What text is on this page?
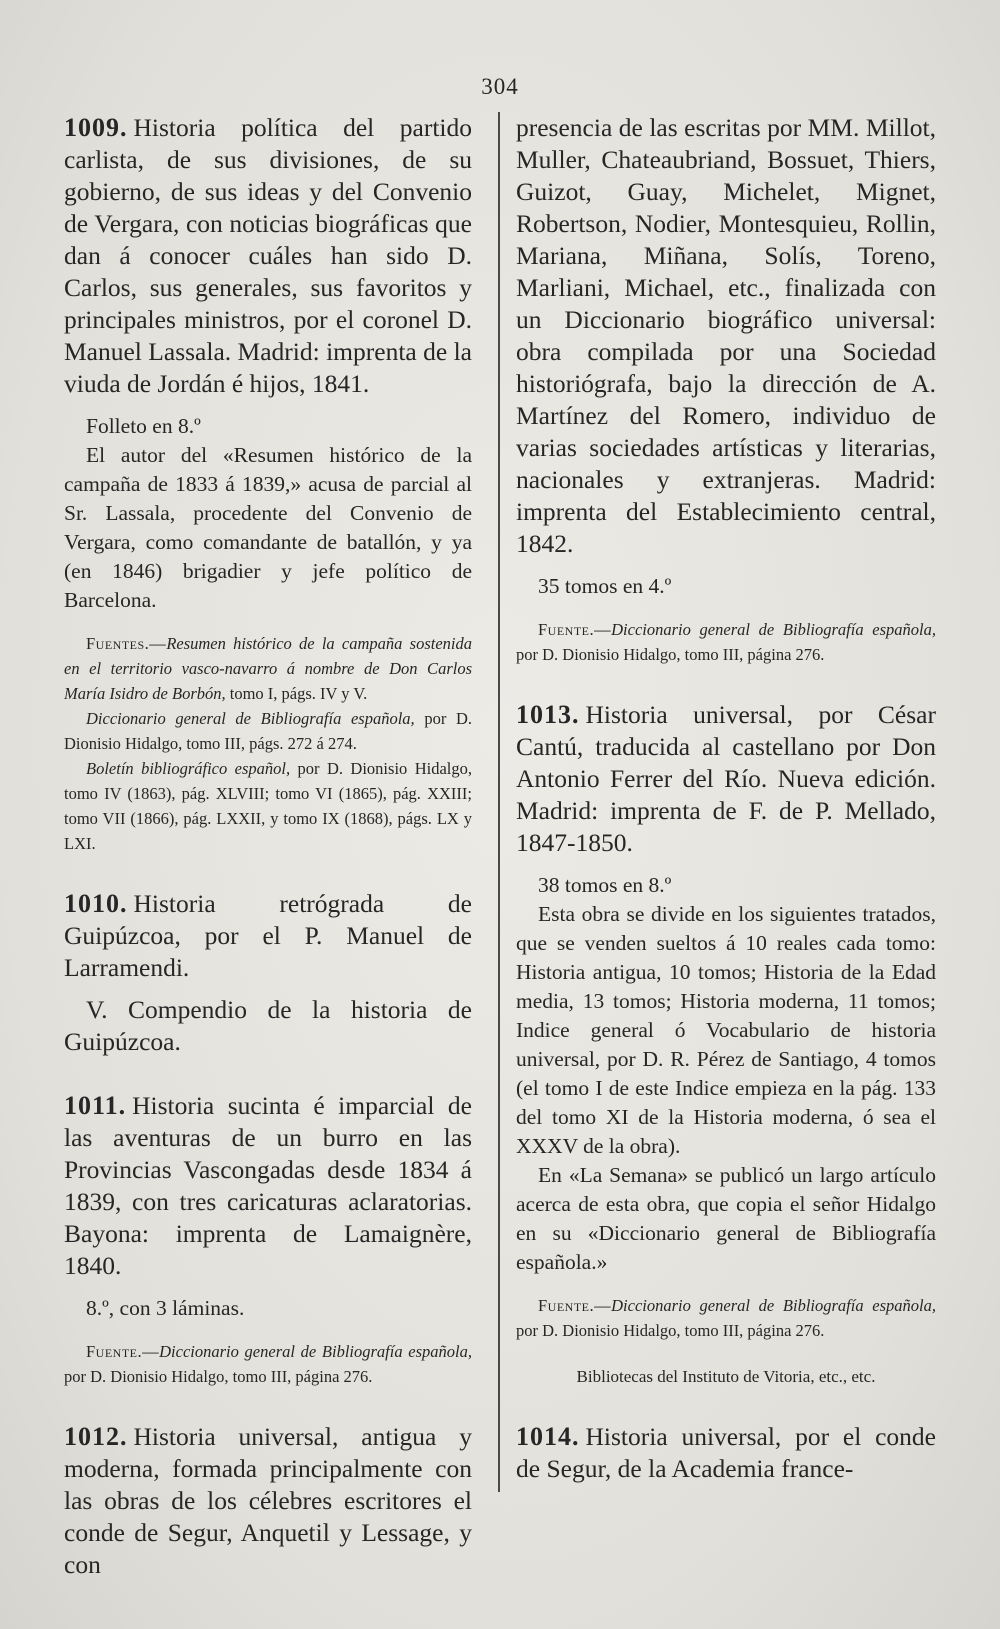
304

1009. Historia política del partido carlista, de sus divisiones, de su gobierno, de sus ideas y del Convenio de Vergara, con noticias biográficas que dan á conocer cuáles han sido D. Carlos, sus generales, sus favoritos y principales ministros, por el coronel D. Manuel Lassala. Madrid: imprenta de la viuda de Jordán é hijos, 1841.

Folleto en 8.º

El autor del «Resumen histórico de la campaña de 1833 á 1839,» acusa de parcial al Sr. Lassala, procedente del Convenio de Vergara, como comandante de batallón, y ya (en 1846) brigadier y jefe político de Barcelona.

Fuentes.—Resumen histórico de la campaña sostenida en el territorio vasco-navarro á nombre de Don Carlos María Isidro de Borbón, tomo I, págs. IV y V.

Diccionario general de Bibliografía española, por D. Dionisio Hidalgo, tomo III, págs. 272 á 274.

Boletín bibliográfico español, por D. Dionisio Hidalgo, tomo IV (1863), pág. XLVIII; tomo VI (1865), pág. XXIII; tomo VII (1866), pág. LXXII, y tomo IX (1868), págs. LX y LXI.

1010. Historia retrógrada de Guipúzcoa, por el P. Manuel de Larramendi.

V. Compendio de la historia de Guipúzcoa.

1011. Historia sucinta é imparcial de las aventuras de un burro en las Provincias Vascongadas desde 1834 á 1839, con tres caricaturas aclaratorias. Bayona: imprenta de Lamaignère, 1840.

8.º, con 3 láminas.

Fuente.—Diccionario general de Bibliografía española, por D. Dionisio Hidalgo, tomo III, página 276.

1012. Historia universal, antigua y moderna, formada principalmente con las obras de los célebres escritores el conde de Segur, Anquetil y Lessage, y con

presencia de las escritas por MM. Millot, Muller, Chateaubriand, Bossuet, Thiers, Guizot, Guay, Michelet, Mignet, Robertson, Nodier, Montesquieu, Rollin, Mariana, Miñana, Solís, Toreno, Marliani, Michael, etc., finalizada con un Diccionario biográfico universal: obra compilada por una Sociedad historiógrafa, bajo la dirección de A. Martínez del Romero, individuo de varias sociedades artísticas y literarias, nacionales y extranjeras. Madrid: imprenta del Establecimiento central, 1842.

35 tomos en 4.º

Fuente.—Diccionario general de Bibliografía española, por D. Dionisio Hidalgo, tomo III, página 276.

1013. Historia universal, por César Cantú, traducida al castellano por Don Antonio Ferrer del Río. Nueva edición. Madrid: imprenta de F. de P. Mellado, 1847-1850.

38 tomos en 8.º

Esta obra se divide en los siguientes tratados, que se venden sueltos á 10 reales cada tomo: Historia antigua, 10 tomos; Historia de la Edad media, 13 tomos; Historia moderna, 11 tomos; Indice general ó Vocabulario de historia universal, por D. R. Pérez de Santiago, 4 tomos (el tomo I de este Indice empieza en la pág. 133 del tomo XI de la Historia moderna, ó sea el XXXV de la obra).

En «La Semana» se publicó un largo artículo acerca de esta obra, que copia el señor Hidalgo en su «Diccionario general de Bibliografía española.»

Fuente.—Diccionario general de Bibliografía española, por D. Dionisio Hidalgo, tomo III, página 276.

Bibliotecas del Instituto de Vitoria, etc., etc.

1014. Historia universal, por el conde de Segur, de la Academia france-
